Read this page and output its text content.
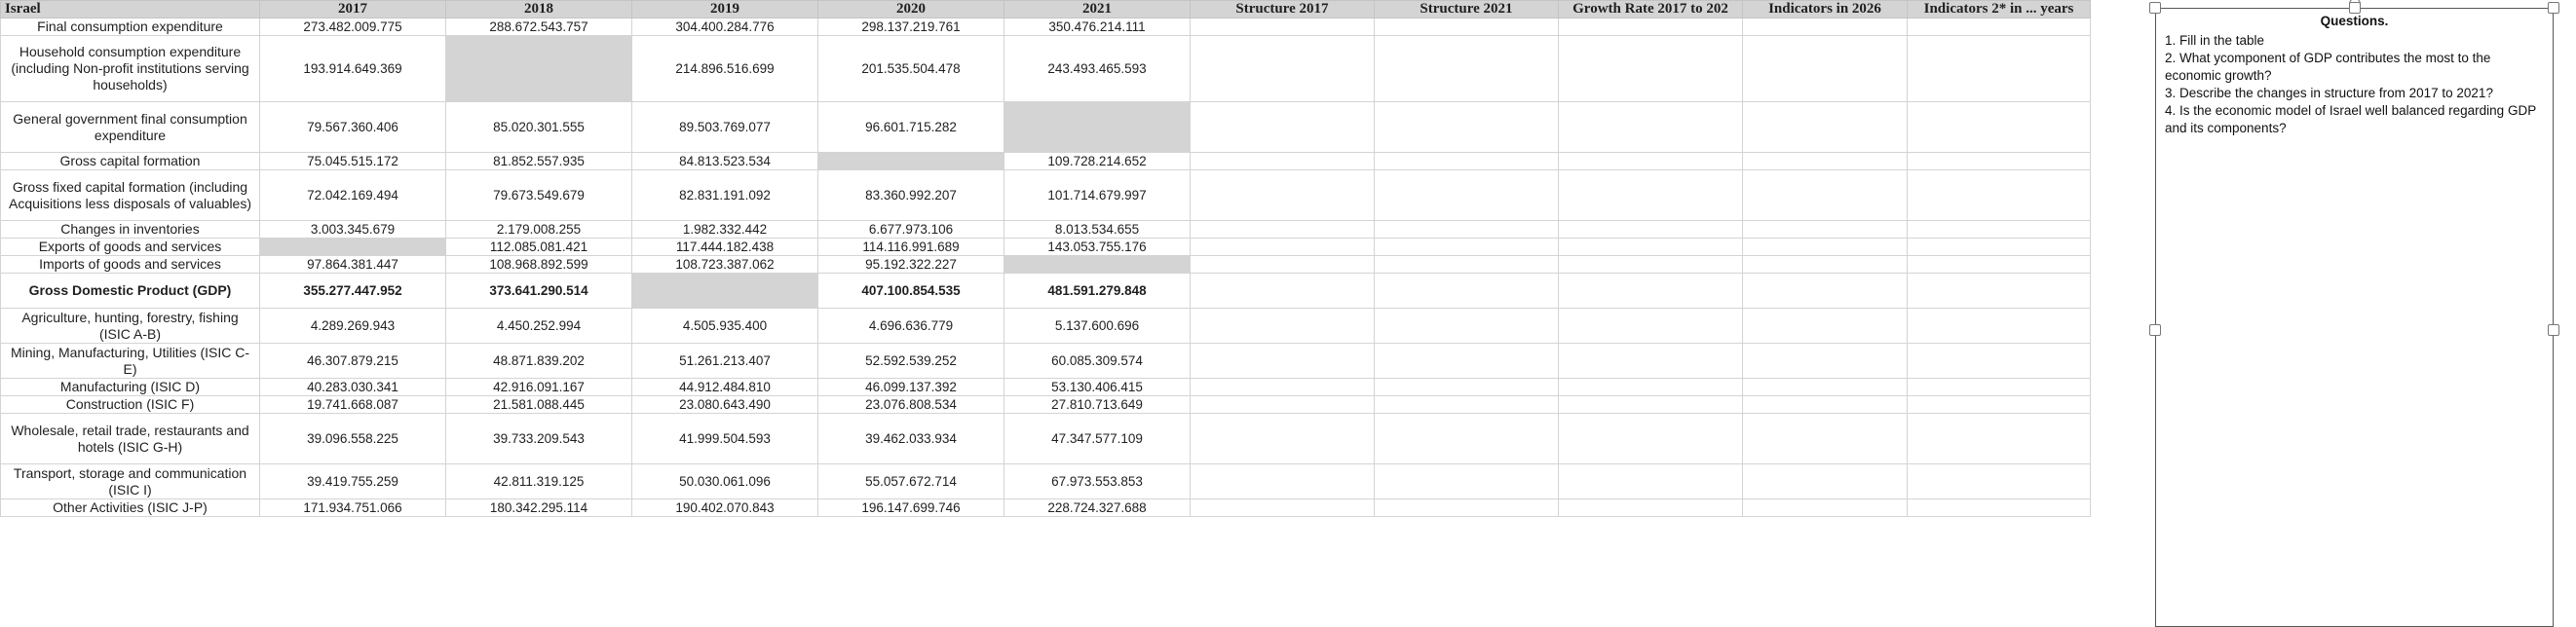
Israel	2017	2018	2019	2020	2021	Structure 2017	Structure 2021	Growth Rate 2017 to 202	Indicators in 2026	Indicators 2* in ... years
Final consumption expenditure	273.482.009.775	288.672.543.757	304.400.284.776	298.137.219.761	350.476.214.111					
Household consumption expenditure (including Non-profit institutions serving households)	193.914.649.369		214.896.516.699	201.535.504.478	243.493.465.593					
General government final consumption expenditure	79.567.360.406	85.020.301.555	89.503.769.077	96.601.715.282						
Gross capital formation	75.045.515.172	81.852.557.935	84.813.523.534		109.728.214.652					
Gross fixed capital formation (including Acquisitions less disposals of valuables)	72.042.169.494	79.673.549.679	82.831.191.092	83.360.992.207	101.714.679.997					
Changes in inventories	3.003.345.679	2.179.008.255	1.982.332.442	6.677.973.106	8.013.534.655					
Exports of goods and services		112.085.081.421	117.444.182.438	114.116.991.689	143.053.755.176					
Imports of goods and services	97.864.381.447	108.968.892.599	108.723.387.062	95.192.322.227						
Gross Domestic Product (GDP)	355.277.447.952	373.641.290.514		407.100.854.535	481.591.279.848					
Agriculture, hunting, forestry, fishing (ISIC A-B)	4.289.269.943	4.450.252.994	4.505.935.400	4.696.636.779	5.137.600.696					
Mining, Manufacturing, Utilities (ISIC C-E)	46.307.879.215	48.871.839.202	51.261.213.407	52.592.539.252	60.085.309.574					
Manufacturing (ISIC D)	40.283.030.341	42.916.091.167	44.912.484.810	46.099.137.392	53.130.406.415					
Construction (ISIC F)	19.741.668.087	21.581.088.445	23.080.643.490	23.076.808.534	27.810.713.649					
Wholesale, retail trade, restaurants and hotels (ISIC G-H)	39.096.558.225	39.733.209.543	41.999.504.593	39.462.033.934	47.347.577.109					
Transport, storage and communication (ISIC I)	39.419.755.259	42.811.319.125	50.030.061.096	55.057.672.714	67.973.553.853					
Other Activities (ISIC J-P)	171.934.751.066	180.342.295.114	190.402.070.843	196.147.699.746	228.724.327.688					
Questions.
1. Fill in the table
2. What ycomponent of GDP contributes the most to the economic growth?
3. Describe the changes in structure from 2017 to 2021?
4. Is the economic model of Israel well balanced regarding GDP and its components?
